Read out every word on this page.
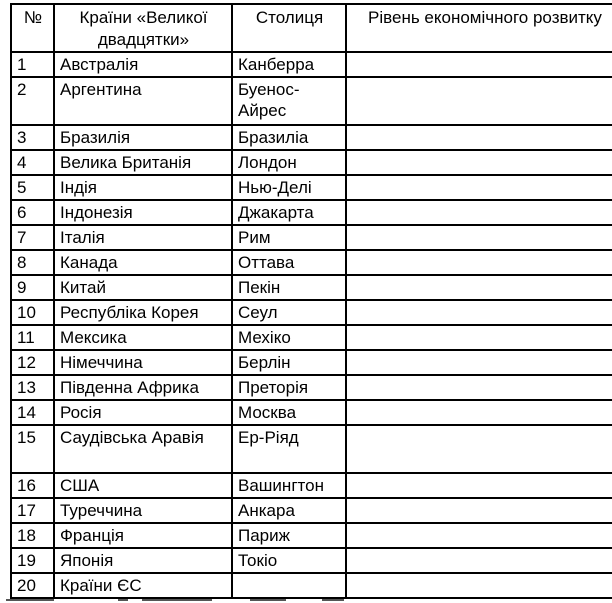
№	Країни «Великої двадцятки»	Столиця	Рівень економічного розвитку
1	Австралія	Канберра	
2	Аргентина	Буенос-Айрес	
3	Бразилія	Бразиліа	
4	Велика Британія	Лондон	
5	Індія	Нью-Делі	
6	Індонезія	Джакарта	
7	Італія	Рим	
8	Канада	Оттава	
9	Китай	Пекін	
10	Республіка Корея	Сеул	
11	Мексика	Мехіко	
12	Німеччина	Берлін	
13	Південна Африка	Преторія	
14	Росія	Москва	
15	Саудівська Аравія	Ер-Ріяд	
16	США	Вашингтон	
17	Туреччина	Анкара	
18	Франція	Париж	
19	Японія	Токіо	
20	Країни ЄС		
